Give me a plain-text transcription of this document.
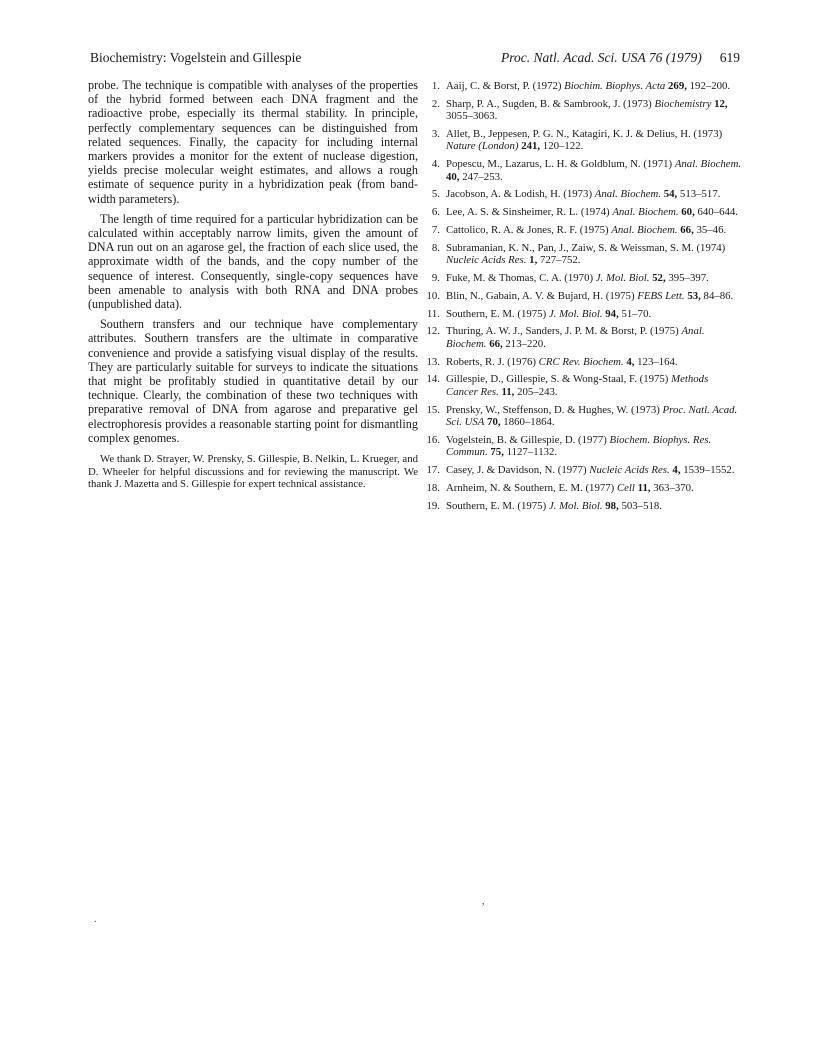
Biochemistry: Vogelstein and Gillespie	Proc. Natl. Acad. Sci. USA 76 (1979) 619

probe. The technique is compatible with analyses of the properties of the hybrid formed between each DNA fragment and the radioactive probe, especially its thermal stability. In principle, perfectly complementary sequences can be distinguished from related sequences. Finally, the capacity for including internal markers provides a monitor for the extent of nuclease digestion, yields precise molecular weight estimates, and allows a rough estimate of sequence purity in a hybridization peak (from band-width parameters).

The length of time required for a particular hybridization can be calculated within acceptably narrow limits, given the amount of DNA run out on an agarose gel, the fraction of each slice used, the approximate width of the bands, and the copy number of the sequence of interest. Consequently, single-copy sequences have been amenable to analysis with both RNA and DNA probes (unpublished data).

Southern transfers and our technique have complementary attributes. Southern transfers are the ultimate in comparative convenience and provide a satisfying visual display of the results. They are particularly suitable for surveys to indicate the situations that might be profitably studied in quantitative detail by our technique. Clearly, the combination of these two techniques with preparative removal of DNA from agarose and preparative gel electrophoresis provides a reasonable starting point for dismantling complex genomes.

We thank D. Strayer, W. Prensky, S. Gillespie, B. Nelkin, L. Krueger, and D. Wheeler for helpful discussions and for reviewing the manuscript. We thank J. Mazetta and S. Gillespie for expert technical assistance.

1. Aaij, C. & Borst, P. (1972) Biochim. Biophys. Acta 269, 192–200.
2. Sharp, P. A., Sugden, B. & Sambrook, J. (1973) Biochemistry 12, 3055–3063.
3. Allet, B., Jeppesen, P. G. N., Katagiri, K. J. & Delius, H. (1973) Nature (London) 241, 120–122.
4. Popescu, M., Lazarus, L. H. & Goldblum, N. (1971) Anal. Biochem. 40, 247–253.
5. Jacobson, A. & Lodish, H. (1973) Anal. Biochem. 54, 513–517.
6. Lee, A. S. & Sinsheimer, R. L. (1974) Anal. Biochem. 60, 640–644.
7. Cattolico, R. A. & Jones, R. F. (1975) Anal. Biochem. 66, 35–46.
8. Subramanian, K. N., Pan, J., Zaiw, S. & Weissman, S. M. (1974) Nucleic Acids Res. 1, 727–752.
9. Fuke, M. & Thomas, C. A. (1970) J. Mol. Biol. 52, 395–397.
10. Blin, N., Gabain, A. V. & Bujard, H. (1975) FEBS Lett. 53, 84–86.
11. Southern, E. M. (1975) J. Mol. Biol. 94, 51–70.
12. Thuring, A. W. J., Sanders, J. P. M. & Borst, P. (1975) Anal. Biochem. 66, 213–220.
13. Roberts, R. J. (1976) CRC Rev. Biochem. 4, 123–164.
14. Gillespie, D., Gillespie, S. & Wong-Staal, F. (1975) Methods Cancer Res. 11, 205–243.
15. Prensky, W., Steffenson, D. & Hughes, W. (1973) Proc. Natl. Acad. Sci. USA 70, 1860–1864.
16. Vogelstein, B. & Gillespie, D. (1977) Biochem. Biophys. Res. Commun. 75, 1127–1132.
17. Casey, J. & Davidson, N. (1977) Nucleic Acids Res. 4, 1539–1552.
18. Arnheim, N. & Southern, E. M. (1977) Cell 11, 363–370.
19. Southern, E. M. (1975) J. Mol. Biol. 98, 503–518.
,
.
